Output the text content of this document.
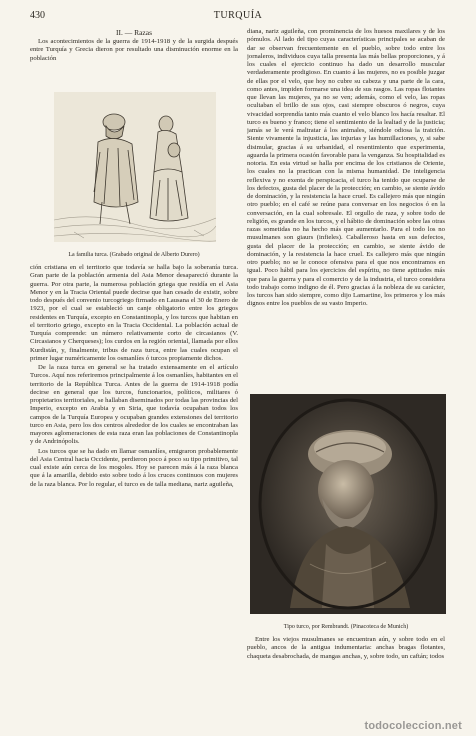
430	TURQUÍA
II. — Razas

Los acontecimientos de la guerra de 1914-1918 y de la surgida después entre Turquía y Grecia dieron por resultado una disminución enorme en la población

La familia turca. (Grabado original de Alberto Durero)

ción cristiana en el territorio que todavía se halla bajo la soberanía turca. Gran parte de la población armenia del Asia Menor desapareció durante la guerra. Por otra parte, la numerosa población griega que residía en el Asia Menor y en la Tracia Oriental puede decirse que han cesado de existir, sobre todo después del convenio turcogriego firmado en Lausana el 30 de Enero de 1923, por el cual se estableció un canje obligatorio entre los griegos residentes en Turquía, excepto en Constantinopla, y los turcos que habitan en el territorio griego, excepto en la Tracia Occidental. La población actual de Turquía comprende: un número relativamente corto de circasianos (V. Circasianos y Cherqueses); los curdos en la región oriental, llamada por ellos Kurdistán, y, finalmente, tribus de raza turca, entre las cuales ocupan el primer lugar numéricamente los osmanlíes ó turcos propiamente dichos.

De la raza turca en general se ha tratado extensamente en el artículo Turcos. Aquí nos referiremos principalmente á los osmanlíes, habitantes en el territorio de la República Turca. Antes de la guerra de 1914-1918 podía decirse en general que los turcos, funcionarios, políticos, militares ó propietarios territoriales, se hallaban diseminados por todas las provincias del Imperio, excepto en Arabia y en Siria, que todavía ocupaban todos los campos de la Turquía Europea y ocupaban grandes extensiones del territorio turco en Asia, pero los dos centros alrededor de los cuales se encontraban las mayores aglomeraciones de esta raza eran las poblaciones de Constantinopla y de Andrinópolis.

Los turcos que se ha dado en llamar osmanlíes, emigraron probablemente del Asia Central hacia Occidente, perdieron poco á poco su tipo primitivo, tal cual existe aún cerca de los mogoles. Hoy se parecen más á la raza blanca que á la amarilla, debido esto sobre todo á los cruces continuos con mujeres de la raza blanca. Por lo regular, el turco es de talla mediana, nariz aguileña,

diana, nariz aguileña, con prominencia de los huesos maxilares y de los pómulos. Al lado del tipo cuyas características principales se acaban de dar se observan frecuentemente en el pueblo, sobre todo entre los jornaleros, individuos cuya talla presenta las más bellas proporciones, y á los cuales el ejercicio continuo ha dado un desarrollo muscular verdaderamente prodigioso. En cuanto á las mujeres, no es posible juzgar de ellas por el velo, que hoy no cubre su cabeza y una parte de la cara, como antes, impiden formarse una idea de sus rasgos. Las ropas flotantes que llevan las mujeres, ya no se ven; además, como el velo, las ropas ocultaban el brillo de sus ojos, casi siempre obscuros ó negros, cuya vivacidad sorprendía tanto más cuanto el velo blanco los hacía resaltar. El turco es bueno y franco; tiene el sentimiento de la lealtad y de la justicia; jamás se le verá maltratar á los animales, siéndole odiosa la traición. Siente vivamente la injusticia, las injurias y las humillaciones, y, si sabe disimular, gracias á su urbanidad, el resentimiento que experimenta, aguarda la primera ocasión favorable para la venganza. Su hospitalidad es notoria. En esta virtud se halla por encima de los cristianos de Oriente, los cuales no la practican con la misma humanidad. De inteligencia reflexiva y no exenta de perspicacia, el turco ha tenido que ocuparse de los defectos, gusta del placer de la protección; en cambio, se siente ávido de dominación, y la resistencia la hace cruel. Es callejero más que ningún otro pueblo; en el café se reúne para conversar en los negocios ó en la conversación, en la cual sobresale. El orgullo de raza, y sobre todo de religión, es grande en los turcos, y el hábito de dominación sobre las otras razas sometidas no ha hecho más que aumentarlo. Para el todo los no musulmanes son giaurs (infieles). Caballeroso hasta en sus defectos, gusta del placer de la protección; en cambio, se siente ávido de dominación, y la resistencia la hace cruel. Es callejero más que ningún otro pueblo; no se le conoce ofensiva para el que nos encontramos en igual. Poco hábil para los ejercicios del espíritu, no tiene aptitudes más que para la guerra y para el comercio y de la industria, el turco considera todo trabajo como indigno de él. Pero gracias á la nobleza de su carácter, los turcos han sido siempre, como dijo Lamartine, los primeros y los más dignos entre los pueblos de su vasto Imperio.

Tipo turco, por Rembrandt. (Pinacoteca de Munich)

Entre los viejos musulmanes se encuentran aún, y sobre todo en el pueblo, ancos de la antigua indumentaria: anchas bragas flotantes, chaqueta desabrochada, de mangas anchas, y, sobre todo, un caftán; todos

todocoleccion.net
